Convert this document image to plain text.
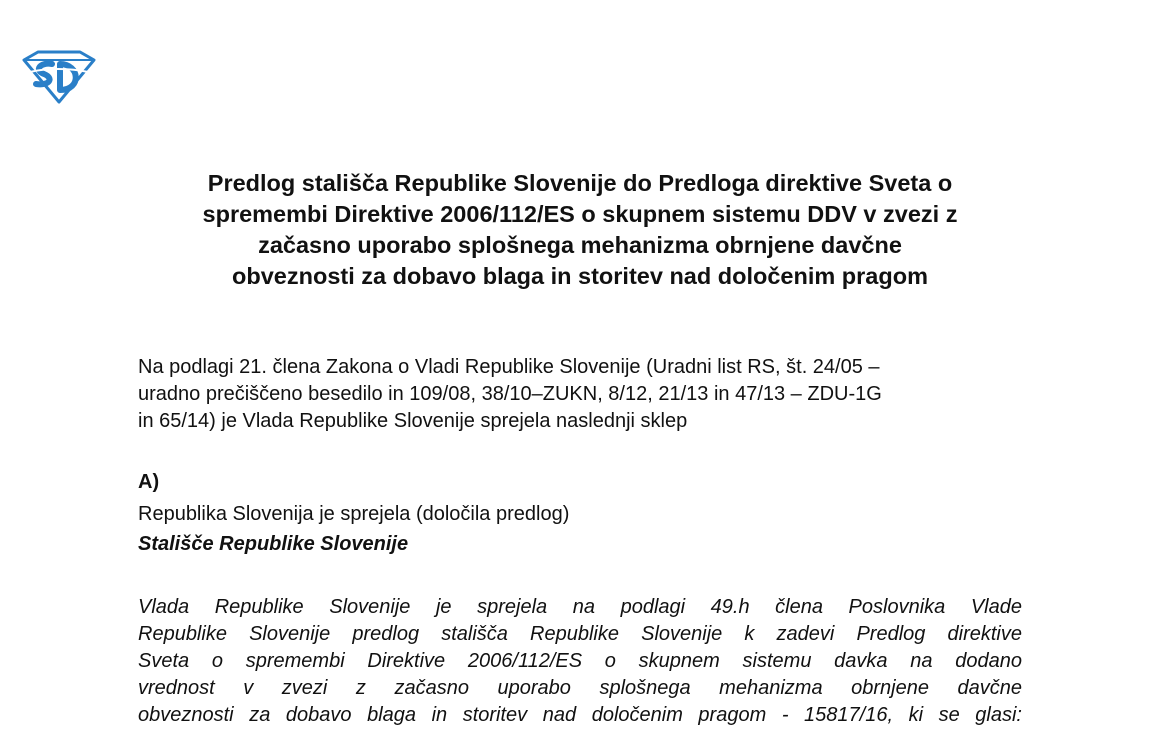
Predlog stališča Republike Slovenije do Predloga direktive Sveta o
spremembi Direktive 2006/112/ES o skupnem sistemu DDV v zvezi z
začasno uporabo splošnega mehanizma obrnjene davčne
obveznosti za dobavo blaga in storitev nad določenim pragom

Na podlagi 21. člena Zakona o Vladi Republike Slovenije (Uradni list RS, št. 24/05 –
uradno prečiščeno besedilo in 109/08, 38/10–ZUKN, 8/12, 21/13 in 47/13 – ZDU-1G
in 65/14) je Vlada Republike Slovenije sprejela naslednji sklep

A)

Republika Slovenija je sprejela (določila predlog)

Stališče Republike Slovenije

Vlada Republike Slovenije je sprejela na podlagi 49.h člena Poslovnika Vlade
Republike Slovenije predlog stališča Republike Slovenije k zadevi Predlog direktive
Sveta o spremembi Direktive 2006/112/ES o skupnem sistemu davka na dodano
vrednost v zvezi z začasno uporabo splošnega mehanizma obrnjene davčne
obveznosti za dobavo blaga in storitev nad določenim pragom - 15817/16, ki se glasi:
